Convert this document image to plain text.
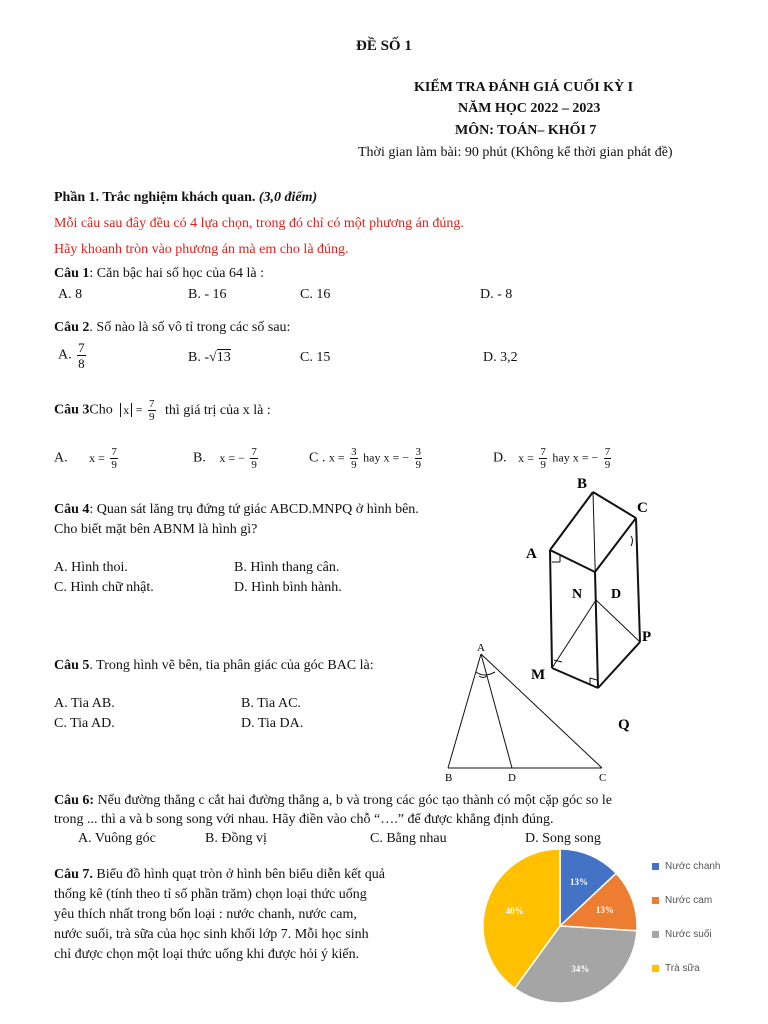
ĐỀ SỐ 1
KIỂM TRA ĐÁNH GIÁ CUỐI KỲ I
NĂM HỌC 2022 – 2023
MÔN: TOÁN– KHỐI 7
Thời gian làm bài: 90 phút (Không kể thời gian phát đề)
Phần 1. Trắc nghiệm khách quan. (3,0 điểm)
Mỗi câu sau đây đều có 4 lựa chọn, trong đó chỉ có một phương án đúng.
Hãy khoanh tròn vào phương án mà em cho là đúng.
Câu 1: Căn bậc hai số học của 64 là :
A. 8	B. - 16	C. 16	D. - 8
Câu 2. Số nào là số vô tỉ trong các số sau:
A. $\frac{7}{8}$	B. -√13	C. 15	D. 3,2
Câu 3Cho $x = \frac{7}{9}$ thì giá trị của x là :
A. $x = \frac{7}{9}$	B. x = − $\frac{7}{9}$	C . $x = \frac{3}{9}$ hay x = − $\frac{3}{9}$	D. $x = \frac{7}{9}$ hay x = − $\frac{7}{9}$
Câu 4: Quan sát lăng trụ đứng tứ giác ABCD.MNPQ ở hình bên.
Cho biết mặt bên ABNM là hình gì?
A. Hình thoi.	B. Hình thang cân.
C. Hình chữ nhật.	D. Hình bình hành.
B
C
A
N D
P
M
Q
Câu 5. Trong hình vẽ bên, tia phân giác của góc BAC là:
A. Tia AB.	B. Tia AC.
C. Tia AD.	D. Tia DA.
A
B	D	C
Câu 6: Nếu đường thẳng c cắt hai đường thẳng a, b và trong các góc tạo thành có một cặp góc so le
trong ... thì a và b song song với nhau. Hãy điền vào chỗ “….” để được khẳng định đúng.
A. Vuông góc	B. Đồng vị	C. Bằng nhau	D. Song song
Câu 7. Biểu đồ hình quạt tròn ở hình bên biểu diễn kết quả
thống kê (tính theo tỉ số phần trăm) chọn loại thức uống
yêu thích nhất trong bốn loại : nước chanh, nước cam,
nước suối, trà sữa của học sinh khối lớp 7. Mỗi học sinh
chỉ được chọn một loại thức uống khi được hỏi ý kiến.
13%
13%
34%
40%
Nước chanh
Nước cam
Nước suối
Trà sữa
